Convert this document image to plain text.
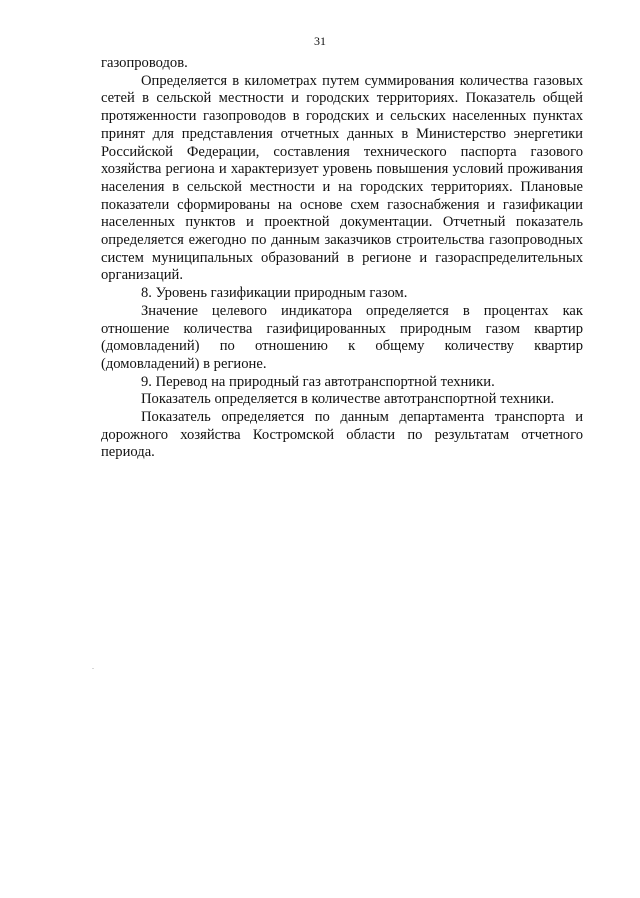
31

газопроводов.

Определяется в километрах путем суммирования количества газовых сетей в сельской местности и городских территориях. Показатель общей протяженности газопроводов в городских и сельских населенных пунктах принят для представления отчетных данных в Министерство энергетики Российской Федерации, составления технического паспорта газового хозяйства региона и характеризует уровень повышения условий проживания населения в сельской местности и на городских территориях. Плановые показатели сформированы на основе схем газоснабжения и газификации населенных пунктов и проектной документации. Отчетный показатель определяется ежегодно по данным заказчиков строительства газопроводных систем муниципальных образований в регионе и газораспределительных организаций.

8. Уровень газификации природным газом.

Значение целевого индикатора определяется в процентах как отношение количества газифицированных природным газом квартир (домовладений) по отношению к общему количеству квартир (домовладений) в регионе.

9. Перевод на природный газ автотранспортной техники.

Показатель определяется в количестве автотранспортной техники.

Показатель определяется по данным департамента транспорта и дорожного хозяйства Костромской области по результатам отчетного периода.
